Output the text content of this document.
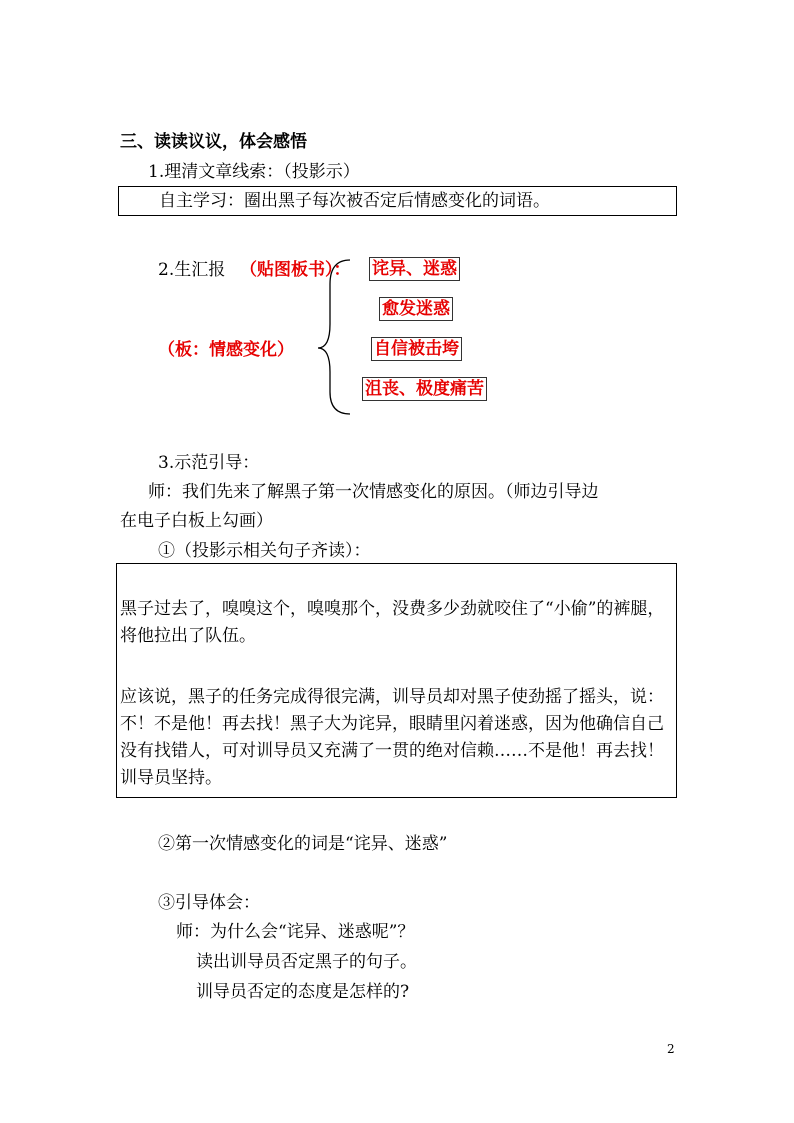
三、读读议议，体会感悟
1.理清文章线索：（投影示）
自主学习：圈出黑子每次被否定后情感变化的词语。
2.生汇报 （贴图板书）： 诧异、迷惑
愈发迷惑
自信被击垮
沮丧、极度痛苦
（板：情感变化）
3.示范引导：
师：我们先来了解黑子第一次情感变化的原因。（师边引导边
在电子白板上勾画）
①（投影示相关句子齐读）：
黑子过去了，嗅嗅这个，嗅嗅那个，没费多少劲就咬住了“小偷”的裤腿，将他拉出了队伍。
应该说，黑子的任务完成得很完满，训导员却对黑子使劲摇了摇头，说：不！不是他！再去找！黑子大为诧异，眼睛里闪着迷惑，因为他确信自己没有找错人，可对训导员又充满了一贯的绝对信赖……不是他！再去找！训导员坚持。
②第一次情感变化的词是“诧异、迷惑”
③引导体会：
师：为什么会“诧异、迷惑呢”？
读出训导员否定黑子的句子。
训导员否定的态度是怎样的?
2
